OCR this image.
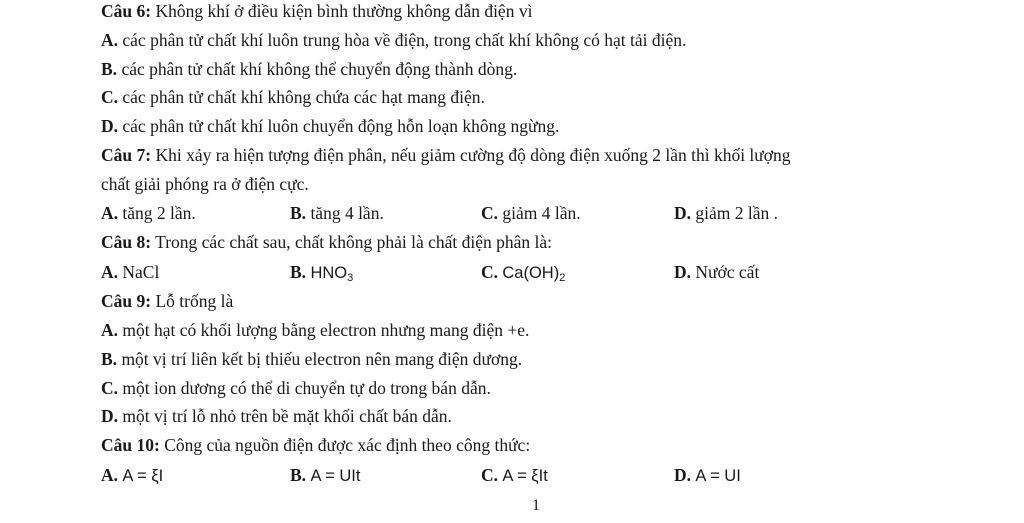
Câu 6: Không khí ở điều kiện bình thường không dẫn điện vì
A. các phân tử chất khí luôn trung hòa về điện, trong chất khí không có hạt tải điện.
B. các phân tử chất khí không thể chuyển động thành dòng.
C. các phân tử chất khí không chứa các hạt mang điện.
D. các phân tử chất khí luôn chuyển động hỗn loạn không ngừng.
Câu 7: Khi xảy ra hiện tượng điện phân, nếu giảm cường độ dòng điện xuống 2 lần thì khối lượng
chất giải phóng ra ở điện cực.
A. tăng 2 lần.	B. tăng 4 lần.	C. giảm 4 lần.	D. giảm 2 lần .
Câu 8: Trong các chất sau, chất không phải là chất điện phân là:
A. NaCl	B. $HNO_3$	C. $Ca(OH)_2$	D. Nước cất
Câu 9: Lỗ trống là
A. một hạt có khối lượng bằng electron nhưng mang điện +e.
B. một vị trí liên kết bị thiếu electron nên mang điện dương.
C. một ion dương có thể di chuyển tự do trong bán dẫn.
D. một vị trí lỗ nhỏ trên bề mặt khối chất bán dẫn.
Câu 10: Công của nguồn điện được xác định theo công thức:
A. A = ξI	B. A = UIt	C. A = ξIt	D. A = UI
1
